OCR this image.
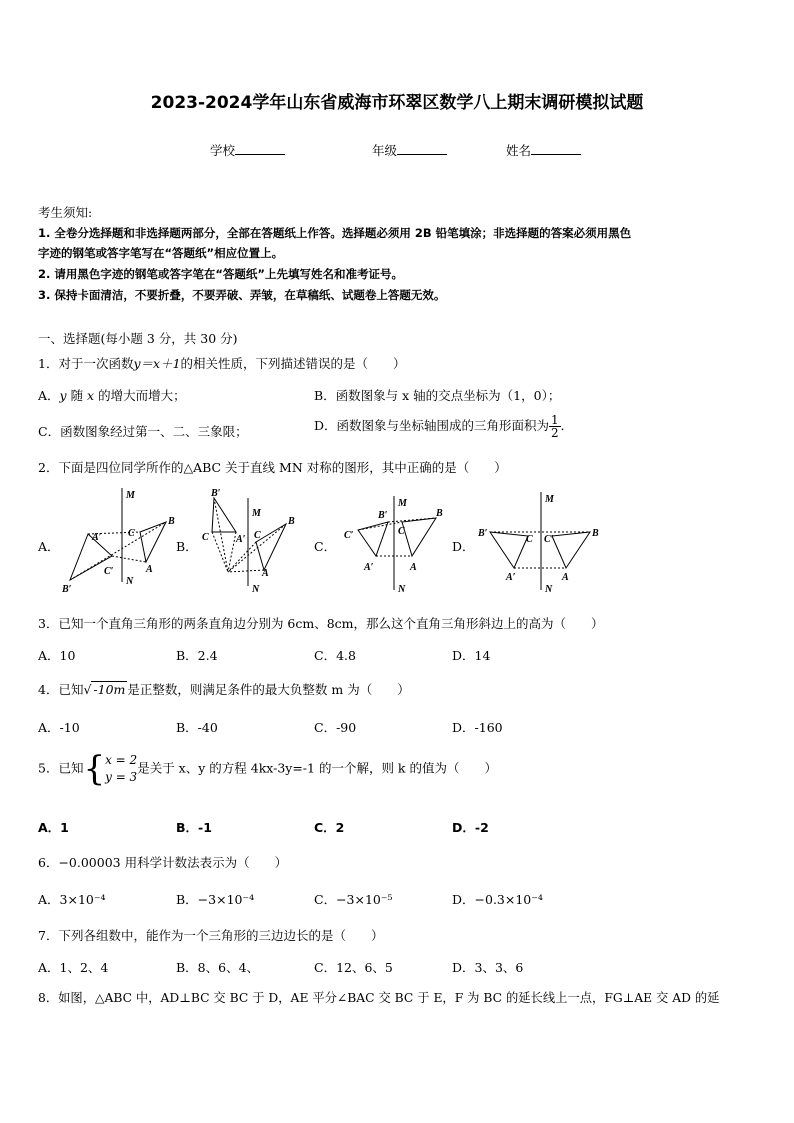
2023-2024学年山东省威海市环翠区数学八上期末调研模拟试题
学校	年级	姓名
考生须知:
1. 全卷分选择题和非选择题两部分，全部在答题纸上作答。选择题必须用 2B 铅笔填涂；非选择题的答案必须用黑色
字迹的钢笔或答字笔写在“答题纸”相应位置上。
2. 请用黑色字迹的钢笔或答字笔在“答题纸”上先填写姓名和准考证号。
3. 保持卡面清洁，不要折叠，不要弄破、弄皱，在草稿纸、试题卷上答题无效。
一、选择题(每小题 3 分，共 30 分)
1．对于一次函数y＝x＋1的相关性质，下列描述错误的是（　　）
A．y 随 x 的增大而增大；	B．函数图象与 x 轴的交点坐标为（1，0）；
C．函数图象经过第一、二、三象限；	D．函数图象与坐标轴围成的三角形面积为 $\frac{1}{2}$ ．
2．下面是四位同学所作的△ABC 关于直线 MN 对称的图形，其中正确的是（　　）
A．	B．	C．	D．
M
N
B
C
A
A′
C′
B′
B′
M
C	A′
B
C
A
N
M
B′	B
C′	C
A′	A
N
M
B′	B
C C′
A′	A
N
3．已知一个直角三角形的两条直角边分别为 6cm、8cm，那么这个直角三角形斜边上的高为（　　）
A．10	B．2.4	C．4.8	D．14
4．已知√ -10m 是正整数，则满足条件的最大负整数 m 为（　　）
A．-10	B．-40	C．-90	D．-160
5．已知{x = 2
y = 3是关于 x、y 的方程 4kx-3y=-1 的一个解，则 k 的值为（　　）
A．1	B．-1	C．2	D．-2
6．−0.00003 用科学计数法表示为（　　）
A．3×10⁻⁴	B．−3×10⁻⁴	C．−3×10⁻⁵	D．−0.3×10⁻⁴
7．下列各组数中，能作为一个三角形的三边边长的是（　　）
A．1、2、4	B．8、6、4、	C．12、6、5	D．3、3、6
8．如图，△ABC 中，AD⊥BC 交 BC 于 D，AE 平分∠BAC 交 BC 于 E，F 为 BC 的延长线上一点，FG⊥AE 交 AD 的延
